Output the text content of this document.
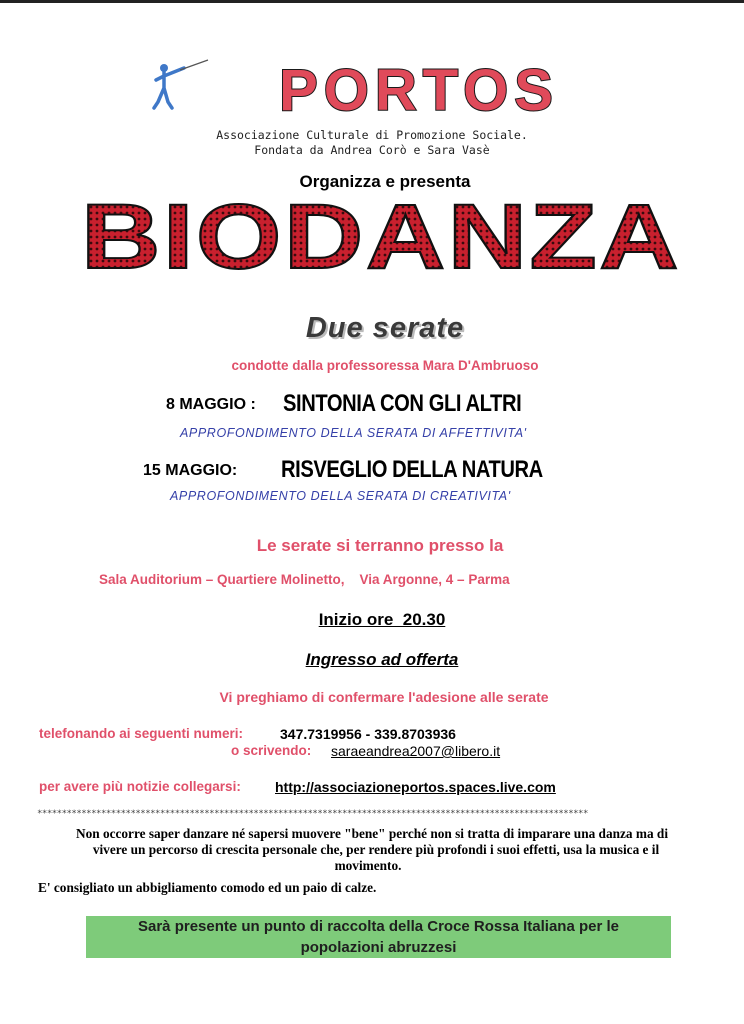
PORTOS
Associazione Culturale di Promozione Sociale.
Fondata da Andrea Corò e Sara Vasè
Organizza e presenta
BIODANZA
Due serate
condotte dalla professoressa Mara D'Ambruoso
8 MAGGIO : SINTONIA CON GLI ALTRI
APPROFONDIMENTO DELLA SERATA DI AFFETTIVITA'
15 MAGGIO: RISVEGLIO DELLA NATURA
APPROFONDIMENTO DELLA SERATA DI CREATIVITA'
Le serate si terranno presso la
Sala Auditorium – Quartiere Molinetto,    Via Argonne, 4 – Parma
Inizio ore  20.30
Ingresso ad offerta
Vi preghiamo di confermare l'adesione alle serate
telefonando ai seguenti numeri:	347.7319956 - 339.8703936
o scrivendo: saraeandrea2007@libero.it
per avere più notizie collegarsi: http://associazioneportos.spaces.live.com
****************************************************************************************************************
Non occorre saper danzare né sapersi muovere "bene" perché non si tratta di imparare una danza ma di
vivere un percorso di crescita personale che, per rendere più profondi i suoi effetti, usa la musica e il
movimento.
E' consigliato un abbigliamento comodo ed un paio di calze.
Sarà presente un punto di raccolta della Croce Rossa Italiana per le
popolazioni abruzzesi
